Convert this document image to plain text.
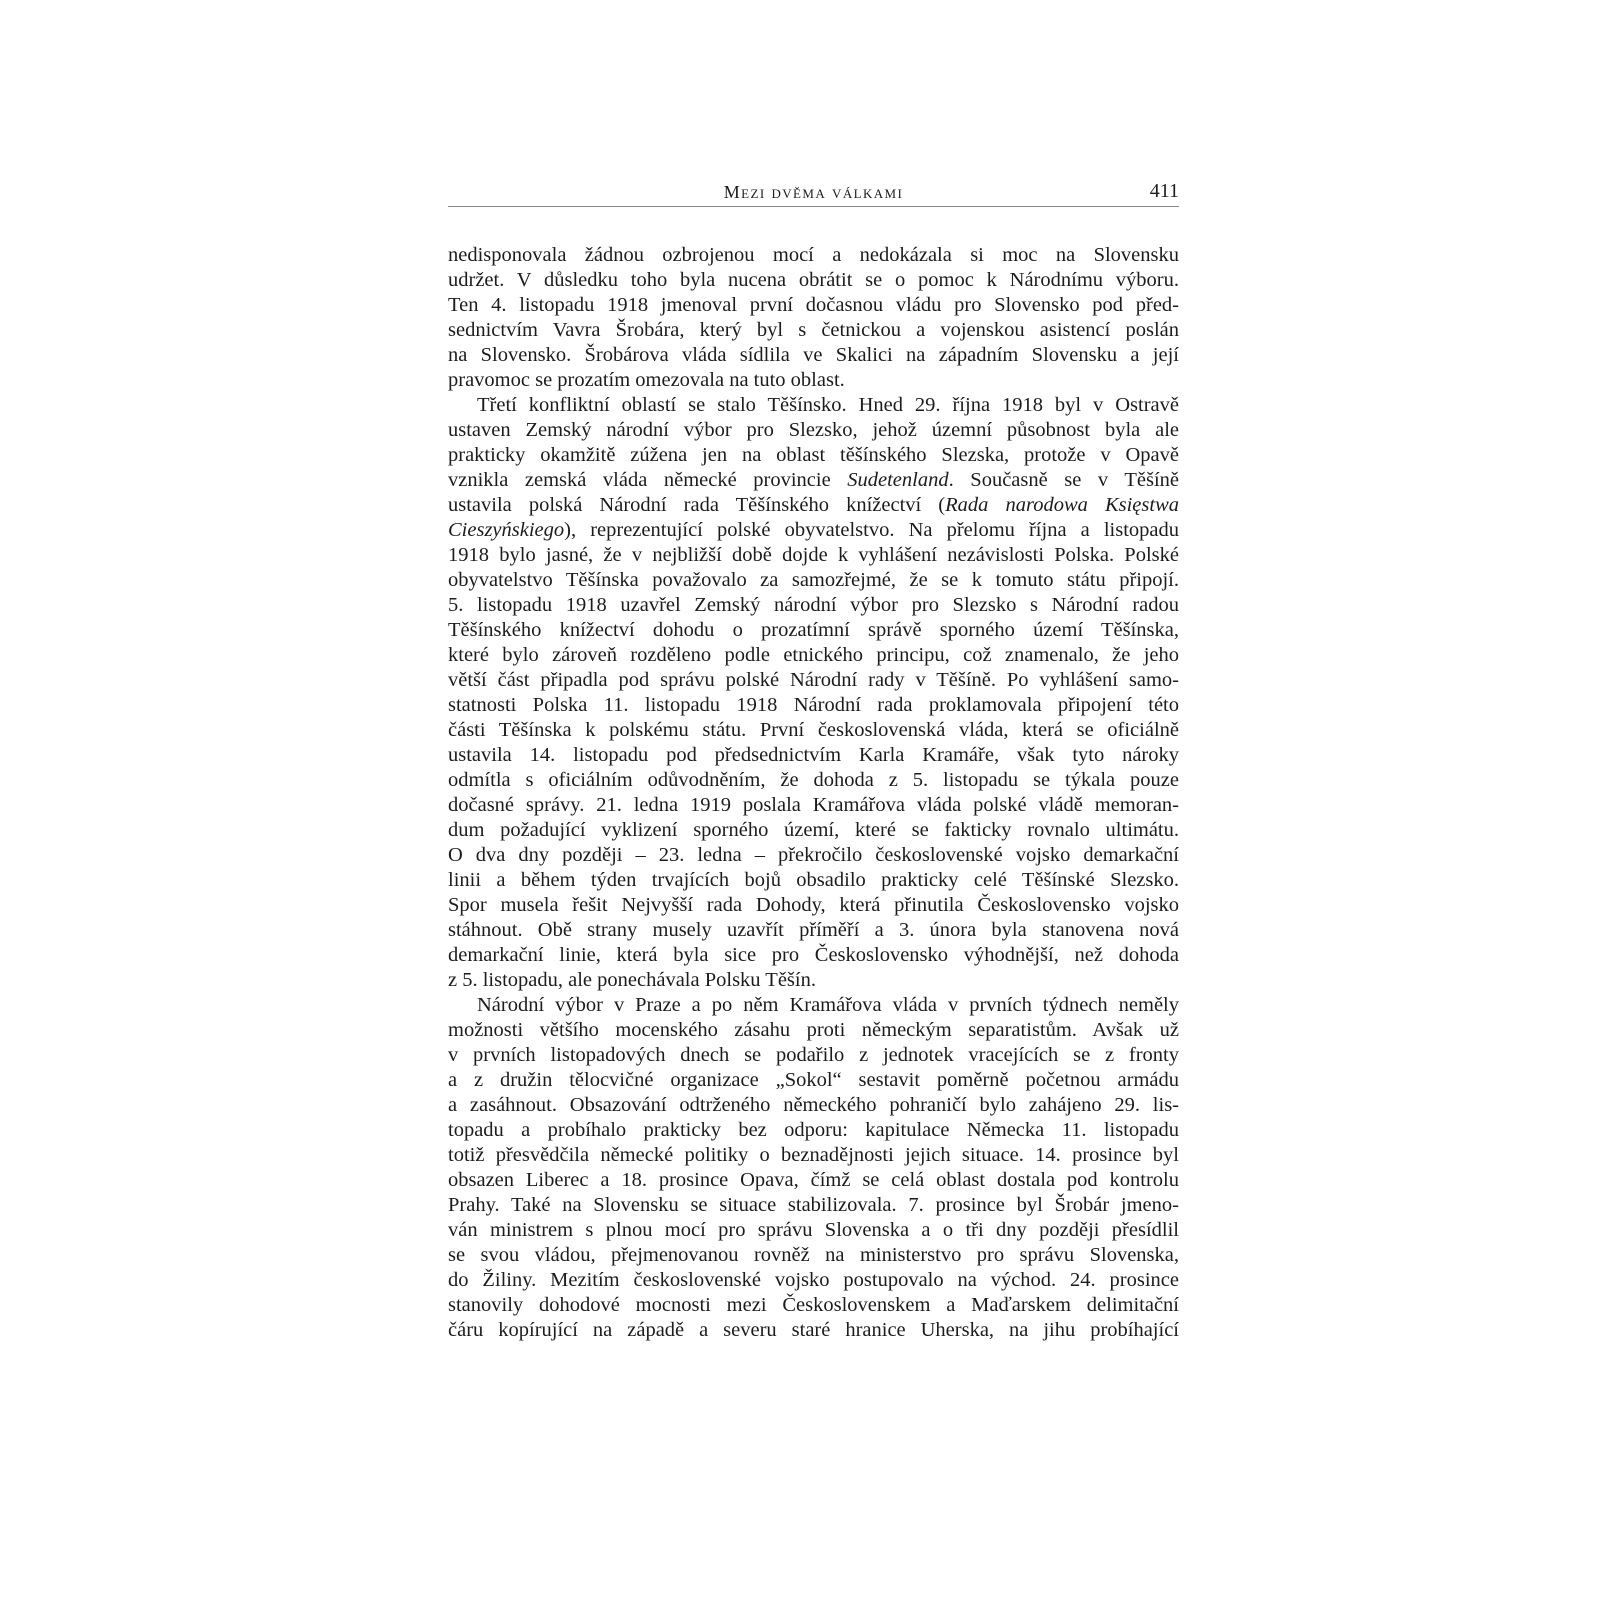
Mezi dvěma válkami	411
nedisponovala žádnou ozbrojenou mocí a nedokázala si moc na Slovensku
udržet. V důsledku toho byla nucena obrátit se o pomoc k Národnímu výboru.
Ten 4. listopadu 1918 jmenoval první dočasnou vládu pro Slovensko pod před-
sednictvím Vavra Šrobára, který byl s četnickou a vojenskou asistencí poslán
na Slovensko. Šrobárova vláda sídlila ve Skalici na západním Slovensku a její
pravomoc se prozatím omezovala na tuto oblast.
Třetí konfliktní oblastí se stalo Těšínsko. Hned 29. října 1918 byl v Ostravě
ustaven Zemský národní výbor pro Slezsko, jehož územní působnost byla ale
prakticky okamžitě zúžena jen na oblast těšínského Slezska, protože v Opavě
vznikla zemská vláda německé provincie Sudetenland. Současně se v Těšíně
ustavila polská Národní rada Těšínského knížectví (Rada narodowa Księstwa
Cieszyńskiego), reprezentující polské obyvatelstvo. Na přelomu října a listopadu
1918 bylo jasné, že v nejbližší době dojde k vyhlášení nezávislosti Polska. Polské
obyvatelstvo Těšínska považovalo za samozřejmé, že se k tomuto státu připojí.
5. listopadu 1918 uzavřel Zemský národní výbor pro Slezsko s Národní radou
Těšínského knížectví dohodu o prozatímní správě sporného území Těšínska,
které bylo zároveň rozděleno podle etnického principu, což znamenalo, že jeho
větší část připadla pod správu polské Národní rady v Těšíně. Po vyhlášení samo-
statnosti Polska 11. listopadu 1918 Národní rada proklamovala připojení této
části Těšínska k polskému státu. První československá vláda, která se oficiálně
ustavila 14. listopadu pod předsednictvím Karla Kramáře, však tyto nároky
odmítla s oficiálním odůvodněním, že dohoda z 5. listopadu se týkala pouze
dočasné správy. 21. ledna 1919 poslala Kramářova vláda polské vládě memoran-
dum požadující vyklizení sporného území, které se fakticky rovnalo ultimátu.
O dva dny později – 23. ledna – překročilo československé vojsko demarkační
linii a během týden trvajících bojů obsadilo prakticky celé Těšínské Slezsko.
Spor musela řešit Nejvyšší rada Dohody, která přinutila Československo vojsko
stáhnout. Obě strany musely uzavřít příměří a 3. února byla stanovena nová
demarkační linie, která byla sice pro Československo výhodnější, než dohoda
z 5. listopadu, ale ponechávala Polsku Těšín.
Národní výbor v Praze a po něm Kramářova vláda v prvních týdnech neměly
možnosti většího mocenského zásahu proti německým separatistům. Avšak už
v prvních listopadových dnech se podařilo z jednotek vracejících se z fronty
a z družin tělocvičné organizace „Sokol“ sestavit poměrně početnou armádu
a zasáhnout. Obsazování odtrženého německého pohraničí bylo zahájeno 29. lis-
topadu a probíhalo prakticky bez odporu: kapitulace Německa 11. listopadu
totiž přesvědčila německé politiky o beznadějnosti jejich situace. 14. prosince byl
obsazen Liberec a 18. prosince Opava, čímž se celá oblast dostala pod kontrolu
Prahy. Také na Slovensku se situace stabilizovala. 7. prosince byl Šrobár jmeno-
ván ministrem s plnou mocí pro správu Slovenska a o tři dny později přesídlil
se svou vládou, přejmenovanou rovněž na ministerstvo pro správu Slovenska,
do Žiliny. Mezitím československé vojsko postupovalo na východ. 24. prosince
stanovily dohodové mocnosti mezi Československem a Maďarskem delimitační
čáru kopírující na západě a severu staré hranice Uherska, na jihu probíhající
